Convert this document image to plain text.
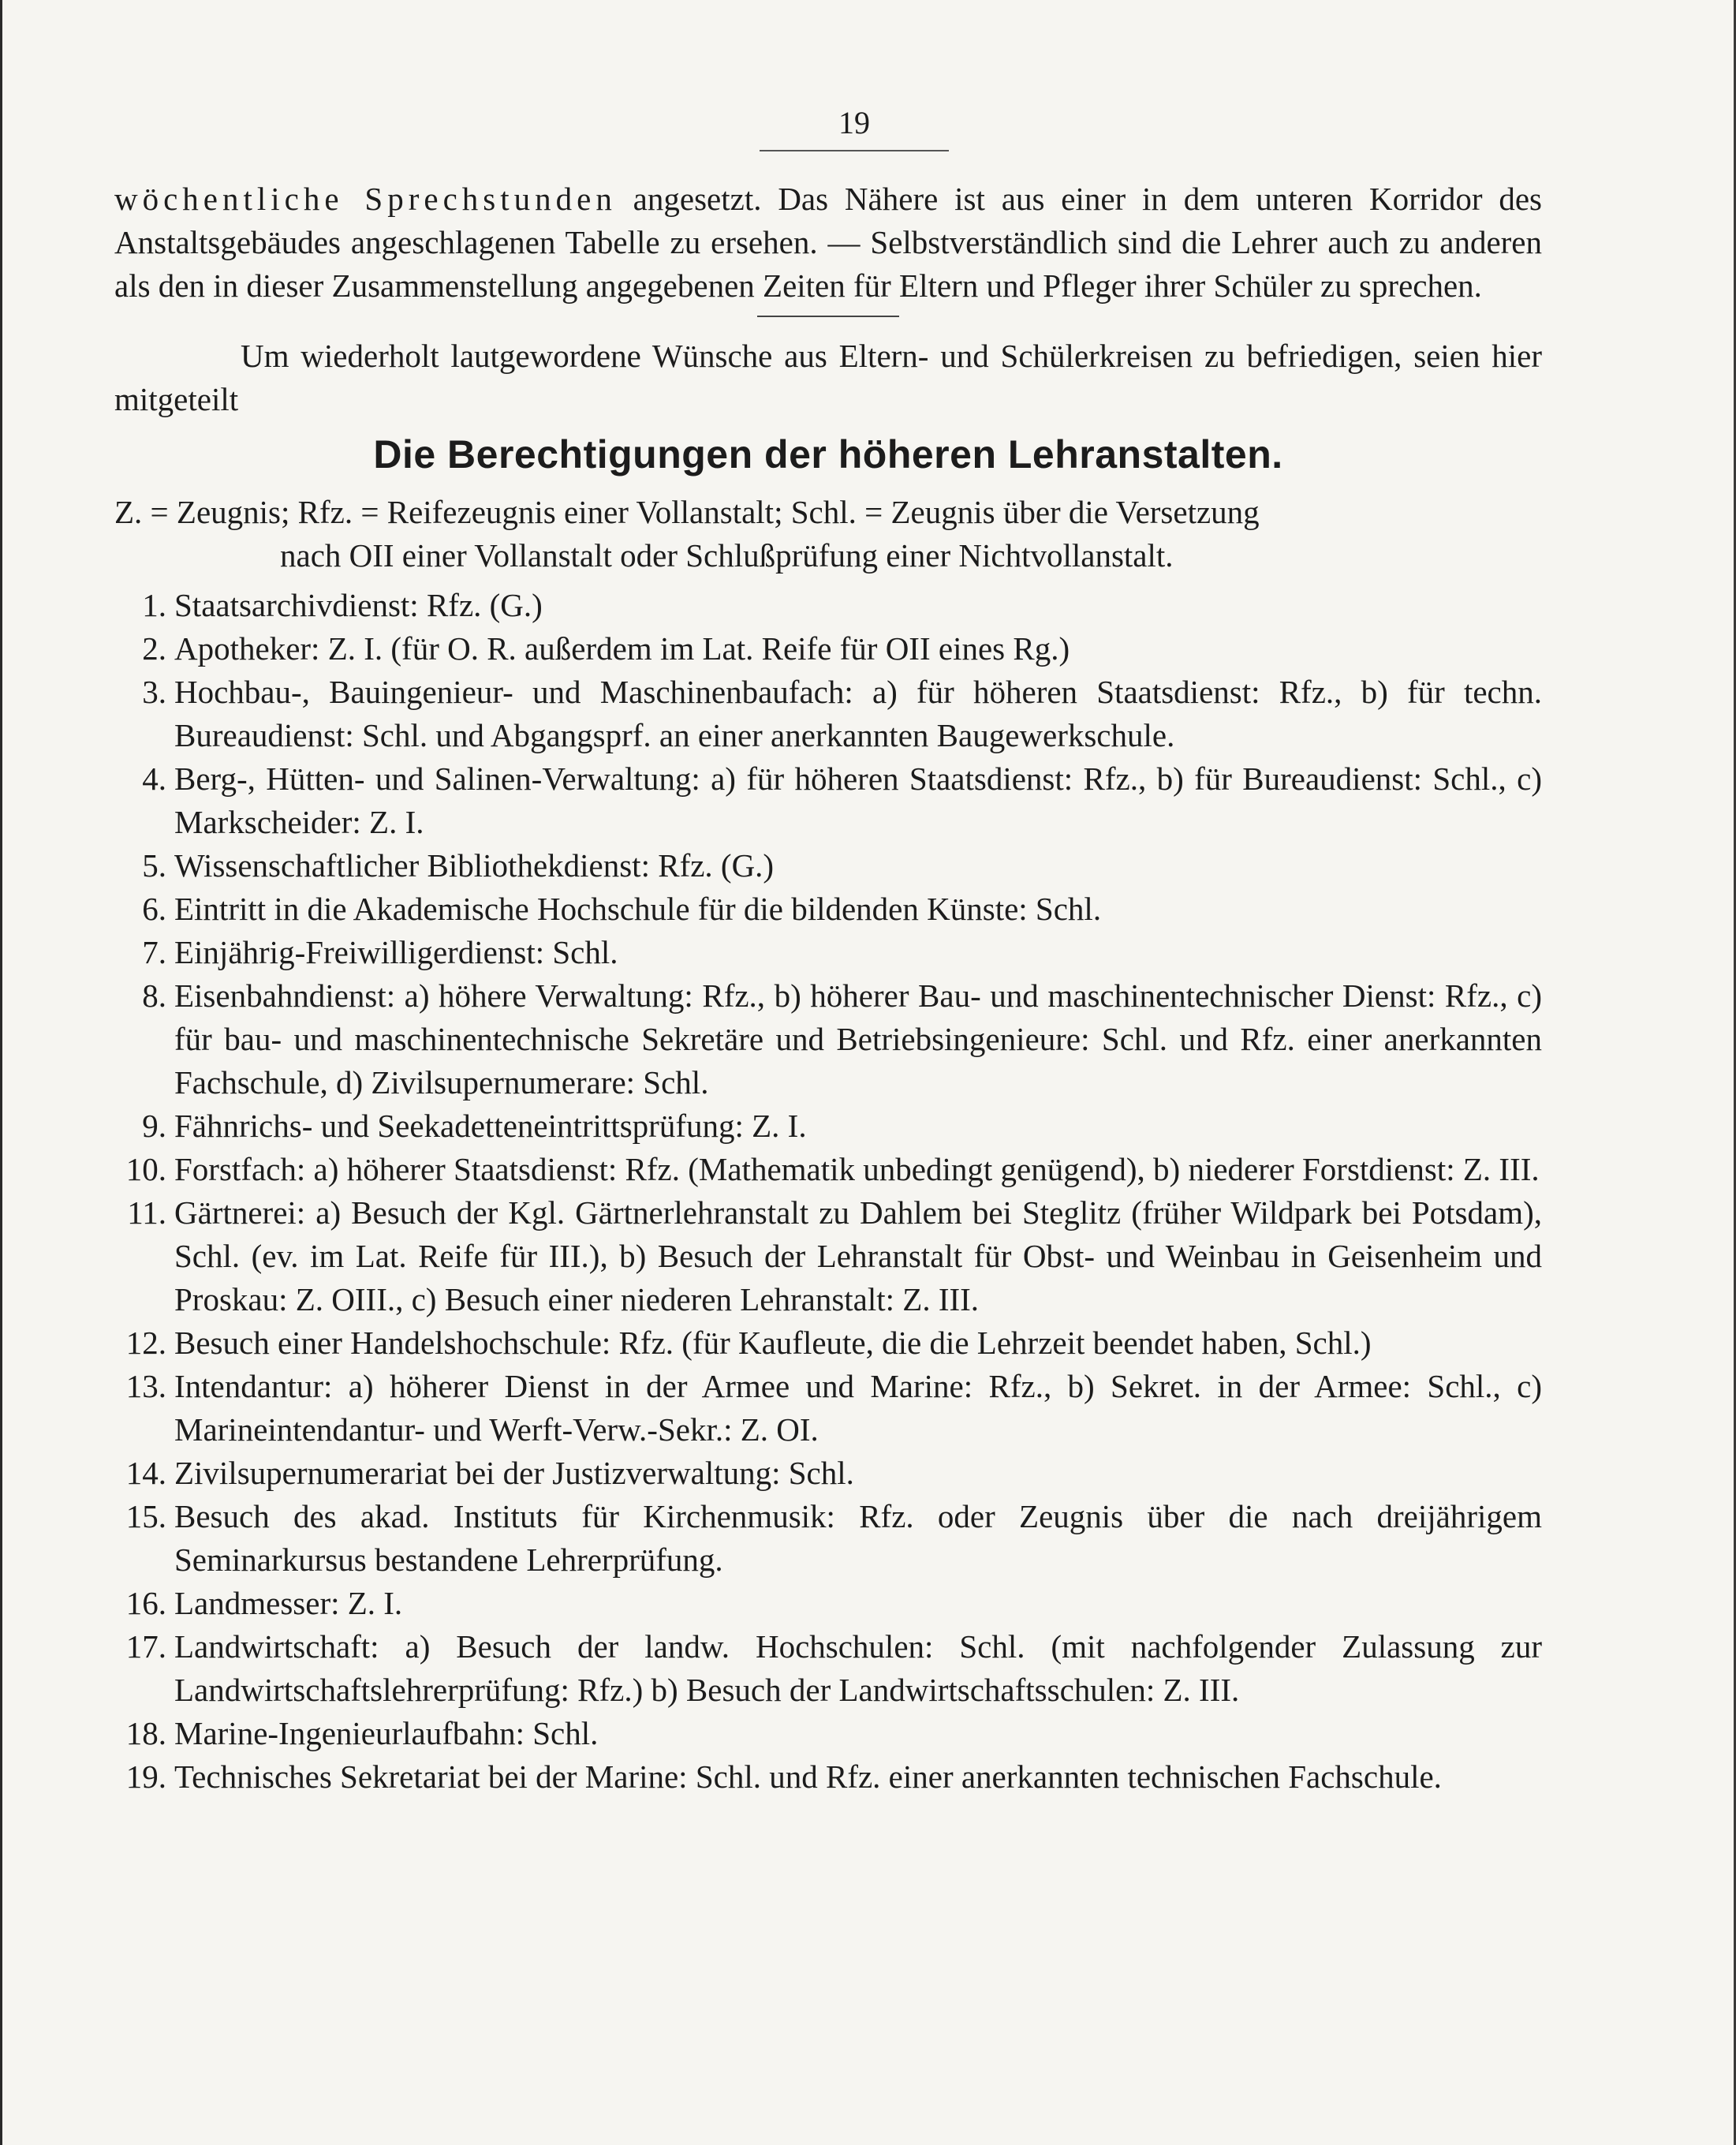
19

wöchentliche Sprechstunden angesetzt. Das Nähere ist aus einer in dem unteren Korridor des Anstaltsgebäudes angeschlagenen Tabelle zu ersehen. — Selbstverständlich sind die Lehrer auch zu anderen als den in dieser Zusammenstellung angegebenen Zeiten für Eltern und Pfleger ihrer Schüler zu sprechen.

Um wiederholt lautgewordene Wünsche aus Eltern- und Schülerkreisen zu befriedigen, seien hier mitgeteilt

Die Berechtigungen der höheren Lehranstalten.

Z. = Zeugnis; Rfz. = Reifezeugnis einer Vollanstalt; Schl. = Zeugnis über die Versetzung
nach OII einer Vollanstalt oder Schlußprüfung einer Nichtvollanstalt.

1. Staatsarchivdienst: Rfz. (G.)
2. Apotheker: Z. I. (für O. R. außerdem im Lat. Reife für OII eines Rg.)
3. Hochbau-, Bauingenieur- und Maschinenbaufach: a) für höheren Staatsdienst: Rfz., b) für techn. Bureaudienst: Schl. und Abgangsprf. an einer anerkannten Baugewerkschule.
4. Berg-, Hütten- und Salinen-Verwaltung: a) für höheren Staatsdienst: Rfz., b) für Bureaudienst: Schl., c) Markscheider: Z. I.
5. Wissenschaftlicher Bibliothekdienst: Rfz. (G.)
6. Eintritt in die Akademische Hochschule für die bildenden Künste: Schl.
7. Einjährig-Freiwilligerdienst: Schl.
8. Eisenbahndienst: a) höhere Verwaltung: Rfz., b) höherer Bau- und maschinentechnischer Dienst: Rfz., c) für bau- und maschinentechnische Sekretäre und Betriebsingenieure: Schl. und Rfz. einer anerkannten Fachschule, d) Zivilsupernumerare: Schl.
9. Fähnrichs- und Seekadetteneintrittsprüfung: Z. I.
10. Forstfach: a) höherer Staatsdienst: Rfz. (Mathematik unbedingt genügend), b) niederer Forstdienst: Z. III.
11. Gärtnerei: a) Besuch der Kgl. Gärtnerlehranstalt zu Dahlem bei Steglitz (früher Wildpark bei Potsdam), Schl. (ev. im Lat. Reife für III.), b) Besuch der Lehranstalt für Obst- und Weinbau in Geisenheim und Proskau: Z. OIII., c) Besuch einer niederen Lehranstalt: Z. III.
12. Besuch einer Handelshochschule: Rfz. (für Kaufleute, die die Lehrzeit beendet haben, Schl.)
13. Intendantur: a) höherer Dienst in der Armee und Marine: Rfz., b) Sekret. in der Armee: Schl., c) Marineintendantur- und Werft-Verw.-Sekr.: Z. OI.
14. Zivilsupernumerariat bei der Justizverwaltung: Schl.
15. Besuch des akad. Instituts für Kirchenmusik: Rfz. oder Zeugnis über die nach dreijährigem Seminarkursus bestandene Lehrerprüfung.
16. Landmesser: Z. I.
17. Landwirtschaft: a) Besuch der landw. Hochschulen: Schl. (mit nachfolgender Zulassung zur Landwirtschaftslehrerprüfung: Rfz.) b) Besuch der Landwirtschaftsschulen: Z. III.
18. Marine-Ingenieurlaufbahn: Schl.
19. Technisches Sekretariat bei der Marine: Schl. und Rfz. einer anerkannten technischen Fachschule.
